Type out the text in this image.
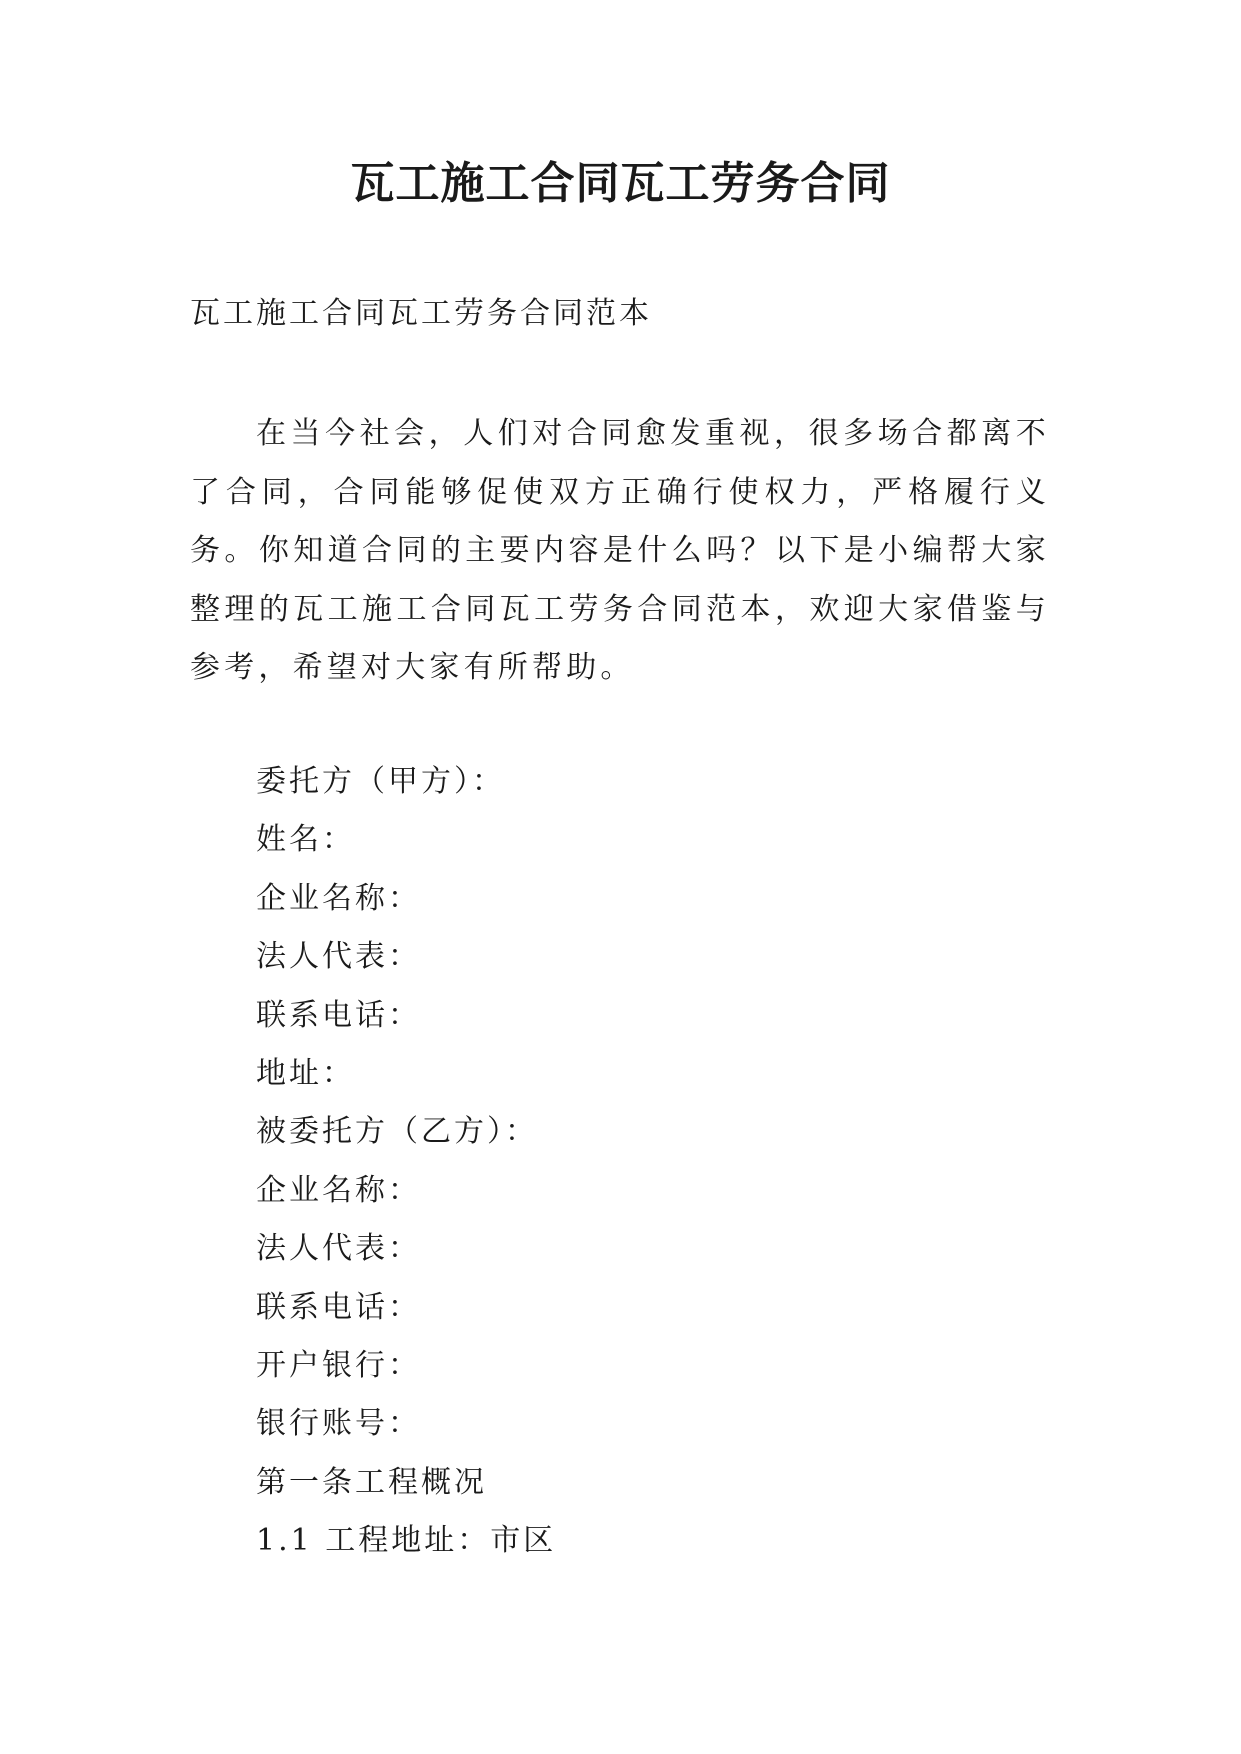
瓦工施工合同瓦工劳务合同
瓦工施工合同瓦工劳务合同范本

在当今社会，人们对合同愈发重视，很多场合都离不了合同，合同能够促使双方正确行使权力，严格履行义务。你知道合同的主要内容是什么吗？以下是小编帮大家整理的瓦工施工合同瓦工劳务合同范本，欢迎大家借鉴与参考，希望对大家有所帮助。

委托方（甲方）：
姓名：
企业名称：
法人代表：
联系电话：
地址：
被委托方（乙方）：
企业名称：
法人代表：
联系电话：
开户银行：
银行账号：
第一条工程概况
1.1 工程地址：市区
